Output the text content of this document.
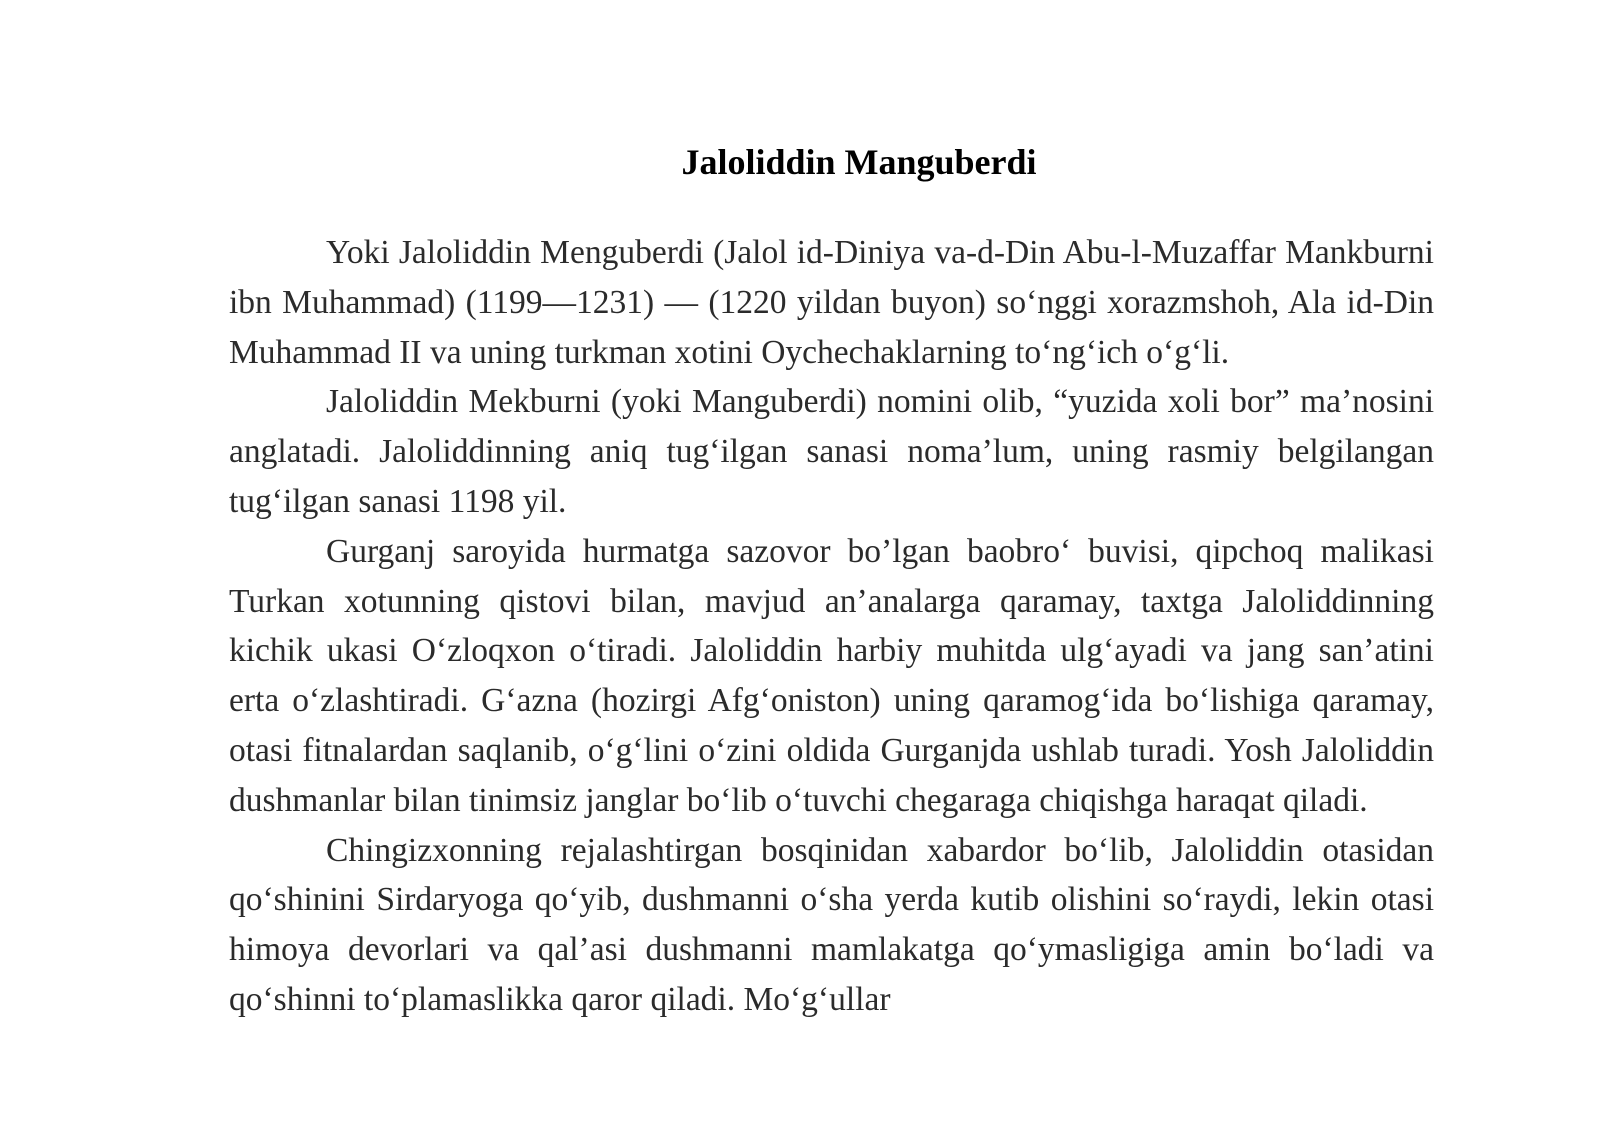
Jaloliddin Manguberdi

Yoki Jaloliddin Menguberdi (Jalol id-Diniya va-d-Din Abu-l-Muzaffar Mankburni ibn Muhammad) (1199—1231) — (1220 yildan buyon) so‘nggi xorazmshoh, Ala id-Din Muhammad II va uning turkman xotini Oychechaklarning to‘ng‘ich o‘g‘li.

Jaloliddin Mekburni (yoki Manguberdi) nomini olib, “yuzida xoli bor” ma’nosini anglatadi. Jaloliddinning aniq tug‘ilgan sanasi noma’lum, uning rasmiy belgilangan tug‘ilgan sanasi 1198 yil.

Gurganj saroyida hurmatga sazovor bo’lgan baobro‘ buvisi, qipchoq malikasi Turkan xotunning qistovi bilan, mavjud an’analarga qaramay, taxtga Jaloliddinning kichik ukasi O‘zloqxon o‘tiradi. Jaloliddin harbiy muhitda ulg‘ayadi va jang san’atini erta o‘zlashtiradi. G‘azna (hozirgi Afg‘oniston) uning qaramog‘ida bo‘lishiga qaramay, otasi fitnalardan saqlanib, o‘g‘lini o‘zini oldida Gurganjda ushlab turadi. Yosh Jaloliddin dushmanlar bilan tinimsiz janglar bo‘lib o‘tuvchi chegaraga chiqishga haraqat qiladi.

Chingizxonning rejalashtirgan bosqinidan xabardor bo‘lib, Jaloliddin otasidan qo‘shinini Sirdaryoga qo‘yib, dushmanni o‘sha yerda kutib olishini so‘raydi, lekin otasi himoya devorlari va qal’asi dushmanni mamlakatga qo‘ymasligiga amin bo‘ladi va qo‘shinni to‘plamaslikka qaror qiladi. Mo‘g‘ullar
